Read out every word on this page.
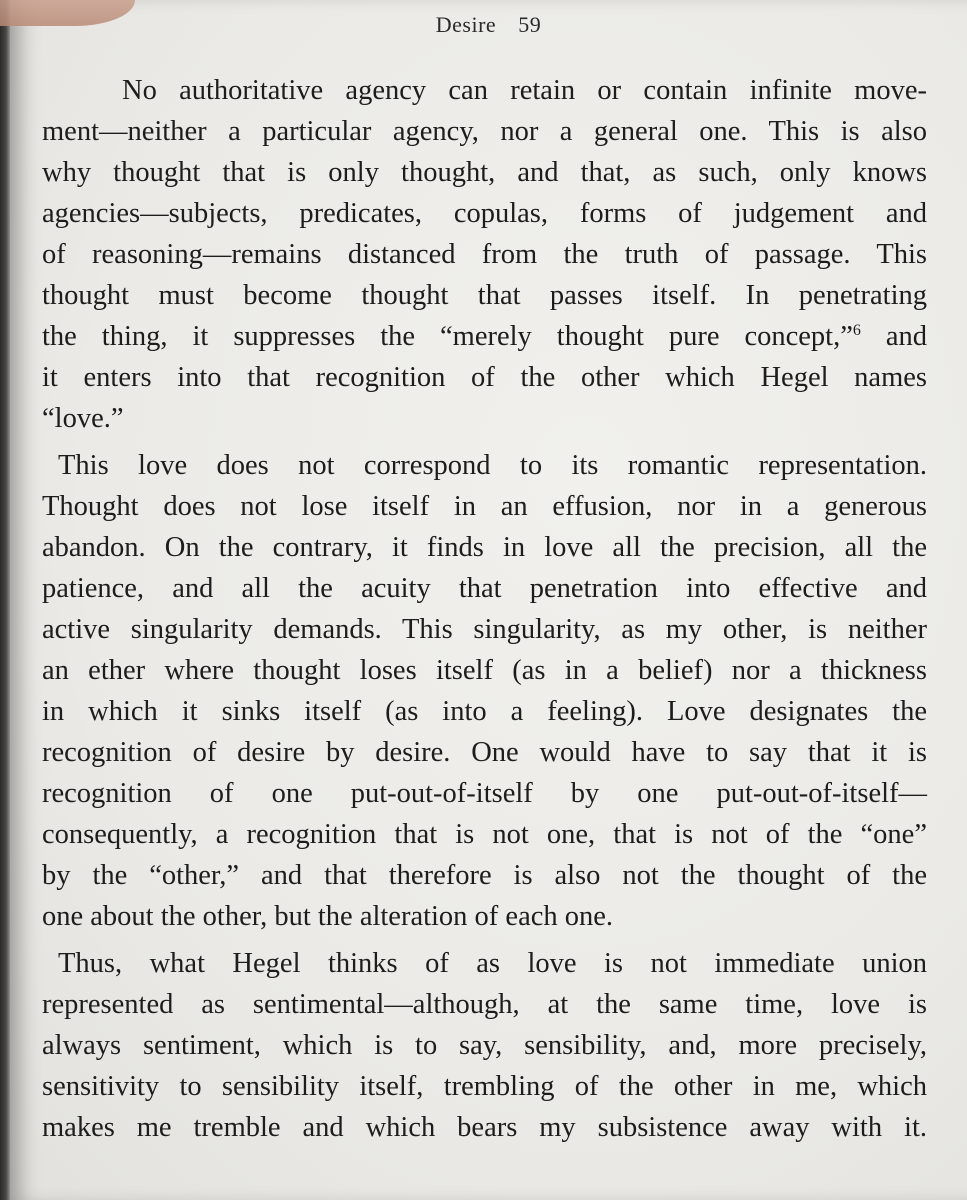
Desire 59
No authoritative agency can retain or contain infinite move-
ment—neither a particular agency, nor a general one. This is also
why thought that is only thought, and that, as such, only knows
agencies—subjects, predicates, copulas, forms of judgement and
of reasoning—remains distanced from the truth of passage. This
thought must become thought that passes itself. In penetrating
the thing, it suppresses the “merely thought pure concept,”$^6$ and
it enters into that recognition of the other which Hegel names
“love.”
This love does not correspond to its romantic representation.
Thought does not lose itself in an effusion, nor in a generous
abandon. On the contrary, it finds in love all the precision, all the
patience, and all the acuity that penetration into effective and
active singularity demands. This singularity, as my other, is neither
an ether where thought loses itself (as in a belief) nor a thickness
in which it sinks itself (as into a feeling). Love designates the
recognition of desire by desire. One would have to say that it is
recognition of one put-out-of-itself by one put-out-of-itself—
consequently, a recognition that is not one, that is not of the “one”
by the “other,” and that therefore is also not the thought of the
one about the other, but the alteration of each one.
Thus, what Hegel thinks of as love is not immediate union
represented as sentimental—although, at the same time, love is
always sentiment, which is to say, sensibility, and, more precisely,
sensitivity to sensibility itself, trembling of the other in me, which
makes me tremble and which bears my subsistence away with it.
